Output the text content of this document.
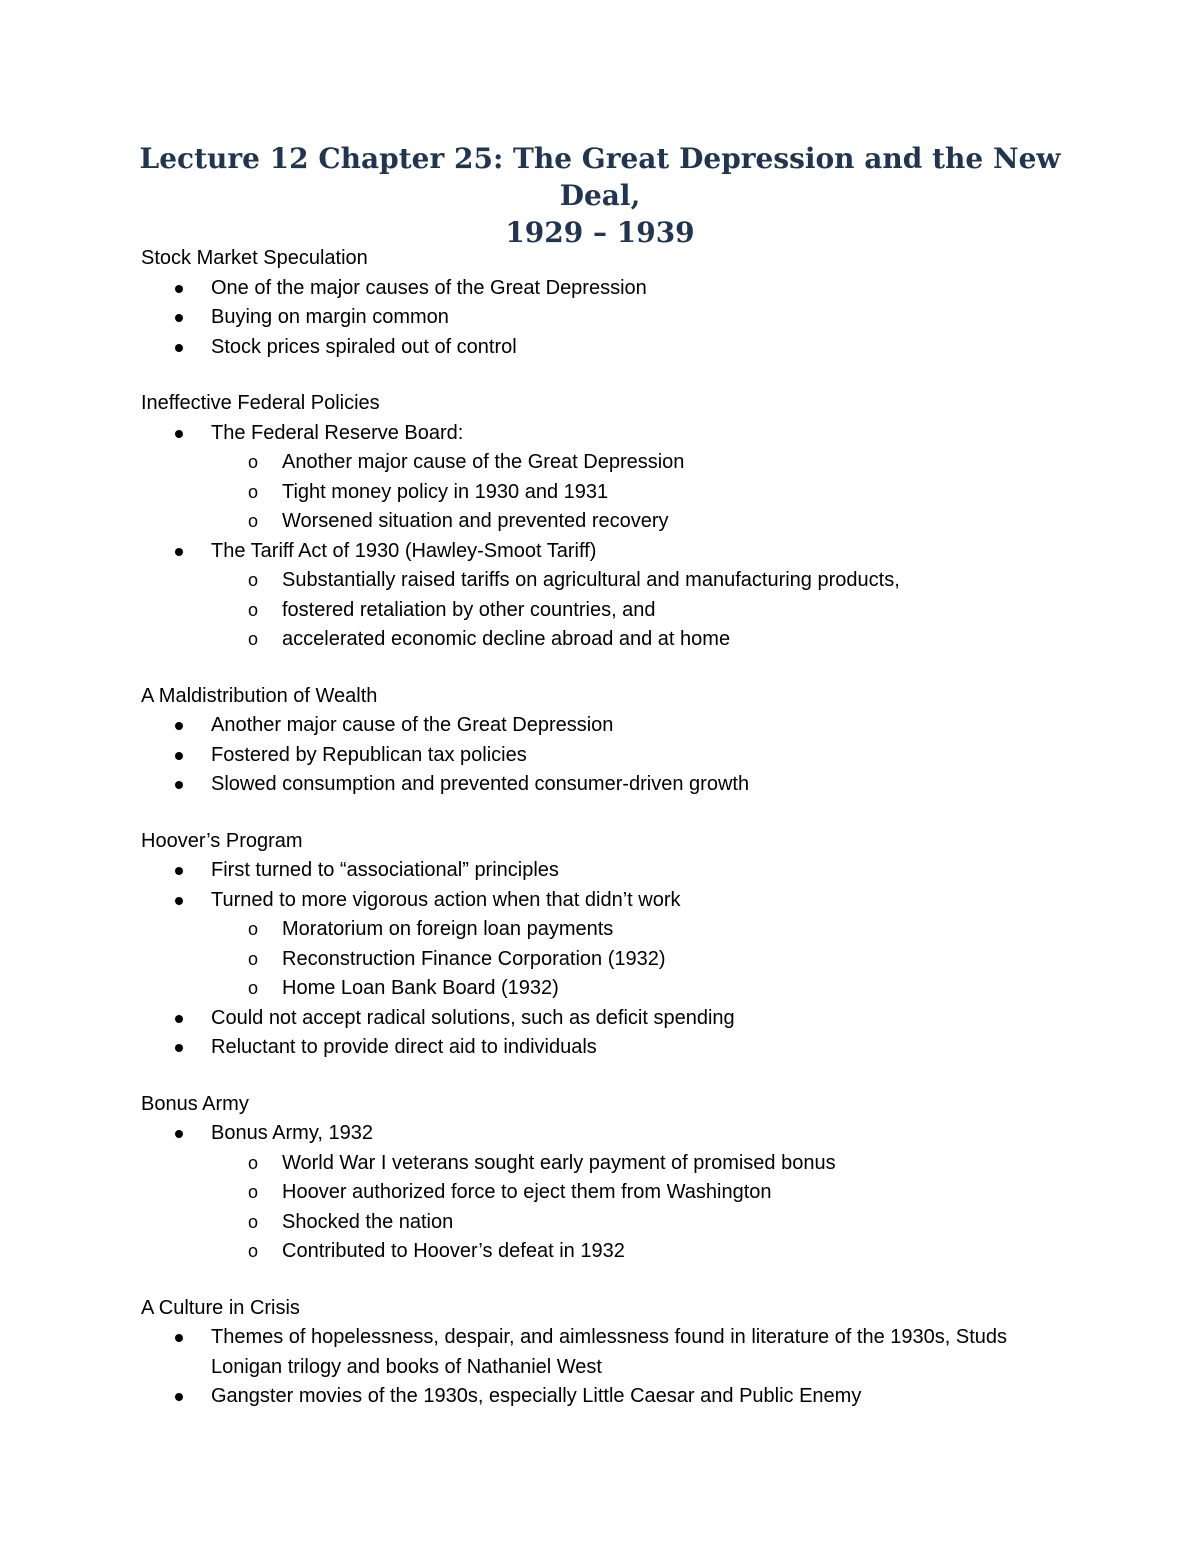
Lecture 12 Chapter 25: The Great Depression and the New Deal,
1929 – 1939
Stock Market Speculation
One of the major causes of the Great Depression
Buying on margin common
Stock prices spiraled out of control
Ineffective Federal Policies
The Federal Reserve Board:
o Another major cause of the Great Depression
o Tight money policy in 1930 and 1931
o Worsened situation and prevented recovery
The Tariff Act of 1930 (Hawley-Smoot Tariff)
o Substantially raised tariffs on agricultural and manufacturing products,
o fostered retaliation by other countries, and
o accelerated economic decline abroad and at home
A Maldistribution of Wealth
Another major cause of the Great Depression
Fostered by Republican tax policies
Slowed consumption and prevented consumer-driven growth
Hoover’s Program
First turned to “associational” principles
Turned to more vigorous action when that didn’t work
o Moratorium on foreign loan payments
o Reconstruction Finance Corporation (1932)
o Home Loan Bank Board (1932)
Could not accept radical solutions, such as deficit spending
Reluctant to provide direct aid to individuals
Bonus Army
Bonus Army, 1932
o World War I veterans sought early payment of promised bonus
o Hoover authorized force to eject them from Washington
o Shocked the nation
o Contributed to Hoover’s defeat in 1932
A Culture in Crisis
Themes of hopelessness, despair, and aimlessness found in literature of the 1930s, Studs Lonigan trilogy and books of Nathaniel West
Gangster movies of the 1930s, especially Little Caesar and Public Enemy
